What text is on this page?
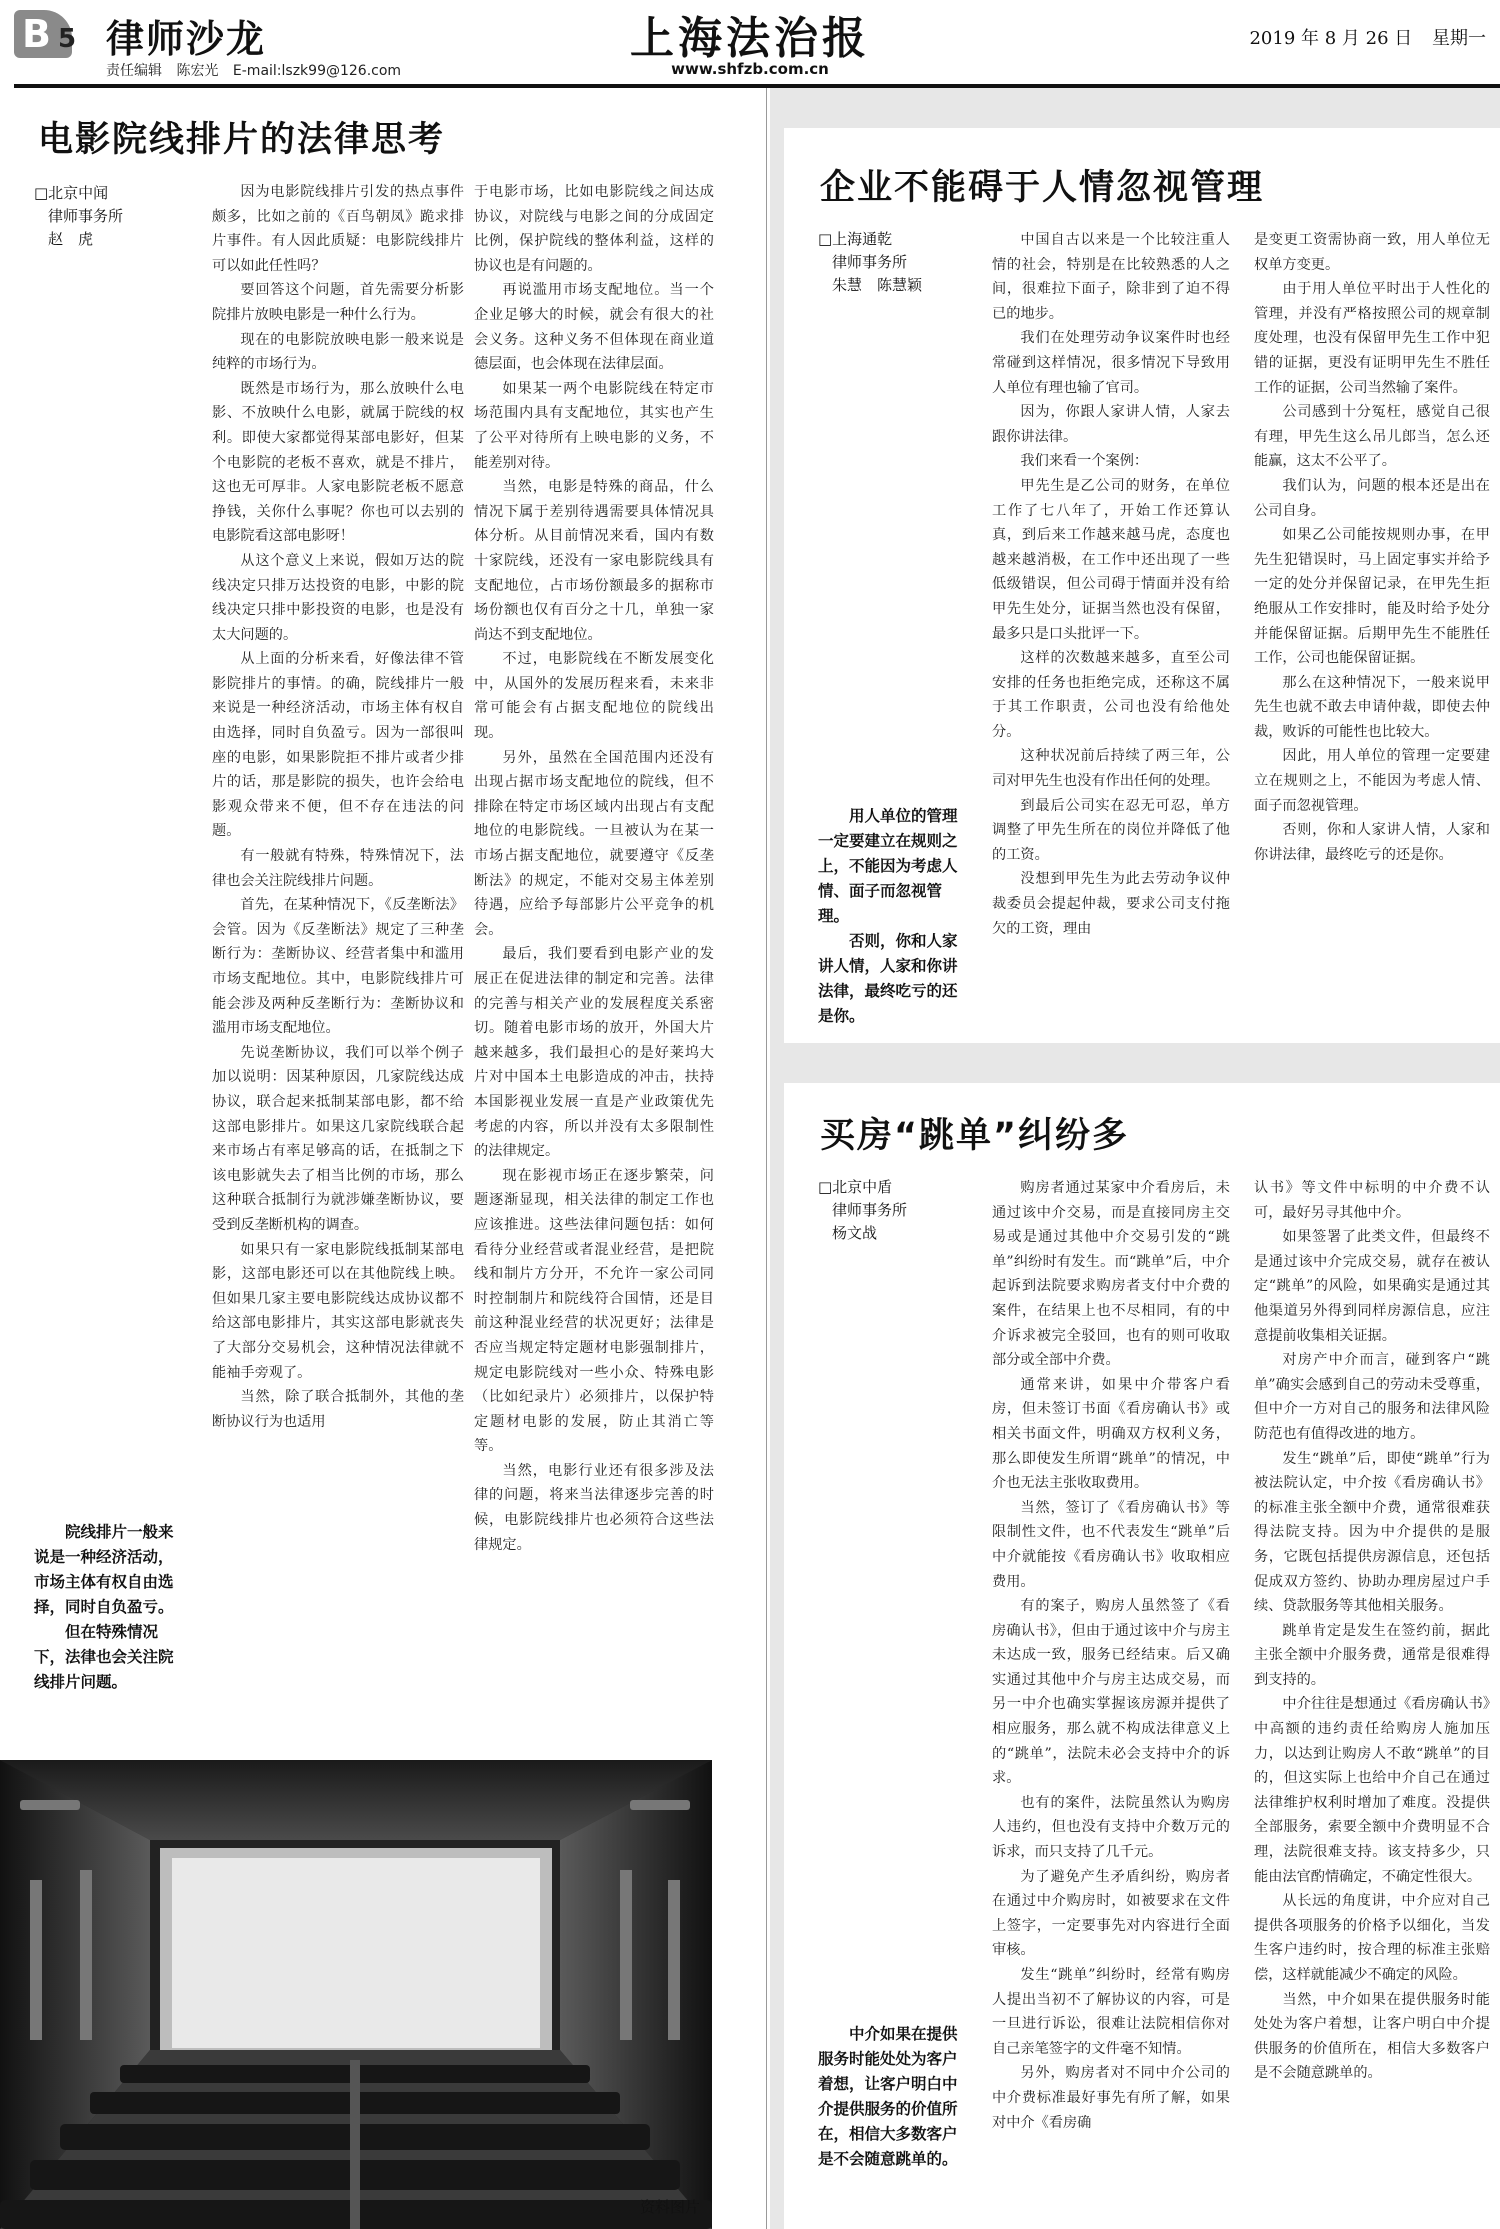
B 5 律师沙龙
责任编辑 陈宏光 E-mail:lszk99@126.com
上海法治报
www.shfzb.com.cn
2019 年 8 月 26 日 星期一
电影院线排片的法律思考
□北京中闻
律师事务所
赵　虎

因为电影院线排片引发的热点事件颇多，比如之前的《百鸟朝凤》跪求排片事件。有人因此质疑：电影院线排片可以如此任性吗？

要回答这个问题，首先需要分析影院排片放映电影是一种什么行为。

现在的电影院放映电影一般来说是纯粹的市场行为。

既然是市场行为，那么放映什么电影、不放映什么电影，就属于院线的权利。即使大家都觉得某部电影好，但某个电影院的老板不喜欢，就是不排片，这也无可厚非。人家电影院老板不愿意挣钱，关你什么事呢？你也可以去别的电影院看这部电影呀！

从这个意义上来说，假如万达的院线决定只排万达投资的电影，中影的院线决定只排中影投资的电影，也是没有太大问题的。

从上面的分析来看，好像法律不管影院排片的事情。的确，院线排片一般来说是一种经济活动，市场主体有权自由选择，同时自负盈亏。因为一部很叫座的电影，如果影院拒不排片或者少排片的话，那是影院的损失，也许会给电影观众带来不便，但不存在违法的问题。

有一般就有特殊，特殊情况下，法律也会关注院线排片问题。

首先，在某种情况下，《反垄断法》会管。因为《反垄断法》规定了三种垄断行为：垄断协议、经营者集中和滥用市场支配地位。其中，电影院线排片可能会涉及两种反垄断行为：垄断协议和滥用市场支配地位。

先说垄断协议，我们可以举个例子加以说明：因某种原因，几家院线达成协议，联合起来抵制某部电影，都不给这部电影排片。如果这几家院线联合起来市场占有率足够高的话，在抵制之下该电影就失去了相当比例的市场，那么这种联合抵制行为就涉嫌垄断协议，要受到反垄断机构的调查。

如果只有一家电影院线抵制某部电影，这部电影还可以在其他院线上映。但如果几家主要电影院线达成协议都不给这部电影排片，其实这部电影就丧失了大部分交易机会，这种情况法律就不能袖手旁观了。

当然，除了联合抵制外，其他的垄断协议行为也适用

于电影市场，比如电影院线之间达成协议，对院线与电影之间的分成固定比例，保护院线的整体利益，这样的协议也是有问题的。

再说滥用市场支配地位。当一个企业足够大的时候，就会有很大的社会义务。这种义务不但体现在商业道德层面，也会体现在法律层面。

如果某一两个电影院线在特定市场范围内具有支配地位，其实也产生了公平对待所有上映电影的义务，不能差别对待。

当然，电影是特殊的商品，什么情况下属于差别待遇需要具体情况具体分析。从目前情况来看，国内有数十家院线，还没有一家电影院线具有支配地位，占市场份额最多的据称市场份额也仅有百分之十几，单独一家尚达不到支配地位。

不过，电影院线在不断发展变化中，从国外的发展历程来看，未来非常可能会有占据支配地位的院线出现。

另外，虽然在全国范围内还没有出现占据市场支配地位的院线，但不排除在特定市场区域内出现占有支配地位的电影院线。一旦被认为在某一市场占据支配地位，就要遵守《反垄断法》的规定，不能对交易主体差别待遇，应给予每部影片公平竞争的机会。

最后，我们要看到电影产业的发展正在促进法律的制定和完善。法律的完善与相关产业的发展程度关系密切。随着电影市场的放开，外国大片越来越多，我们最担心的是好莱坞大片对中国本土电影造成的冲击，扶持本国影视业发展一直是产业政策优先考虑的内容，所以并没有太多限制性的法律规定。

现在影视市场正在逐步繁荣，问题逐渐显现，相关法律的制定工作也应该推进。这些法律问题包括：如何看待分业经营或者混业经营，是把院线和制片方分开，不允许一家公司同时控制制片和院线符合国情，还是目前这种混业经营的状况更好；法律是否应当规定特定题材电影强制排片，规定电影院线对一些小众、特殊电影（比如纪录片）必须排片，以保护特定题材电影的发展，防止其消亡等等。

当然，电影行业还有很多涉及法律的问题，将来当法律逐步完善的时候，电影院线排片也必须符合这些法律规定。

院线排片一般来说是一种经济活动，市场主体有权自由选择，同时自负盈亏。

但在特殊情况下，法律也会关注院线排片问题。

资料图片
企业不能碍于人情忽视管理
□上海通乾
律师事务所
朱慧　陈慧颖

中国自古以来是一个比较注重人情的社会，特别是在比较熟悉的人之间，很难拉下面子，除非到了迫不得已的地步。

我们在处理劳动争议案件时也经常碰到这样情况，很多情况下导致用人单位有理也输了官司。

因为，你跟人家讲人情，人家去跟你讲法律。

我们来看一个案例：

甲先生是乙公司的财务，在单位工作了七八年了，开始工作还算认真，到后来工作越来越马虎，态度也越来越消极，在工作中还出现了一些低级错误，但公司碍于情面并没有给甲先生处分，证据当然也没有保留，最多只是口头批评一下。

这样的次数越来越多，直至公司安排的任务也拒绝完成，还称这不属于其工作职责，公司也没有给他处分。

这种状况前后持续了两三年，公司对甲先生也没有作出任何的处理。

到最后公司实在忍无可忍，单方调整了甲先生所在的岗位并降低了他的工资。

没想到甲先生为此去劳动争议仲裁委员会提起仲裁，要求公司支付拖欠的工资，理由

是变更工资需协商一致，用人单位无权单方变更。

由于用人单位平时出于人性化的管理，并没有严格按照公司的规章制度处理，也没有保留甲先生工作中犯错的证据，更没有证明甲先生不胜任工作的证据，公司当然输了案件。

公司感到十分冤枉，感觉自己很有理，甲先生这么吊儿郎当，怎么还能赢，这太不公平了。

我们认为，问题的根本还是出在公司自身。

如果乙公司能按规则办事，在甲先生犯错误时，马上固定事实并给予一定的处分并保留记录，在甲先生拒绝服从工作安排时，能及时给予处分并能保留证据。后期甲先生不能胜任工作，公司也能保留证据。

那么在这种情况下，一般来说甲先生也就不敢去申请仲裁，即使去仲裁，败诉的可能性也比较大。

因此，用人单位的管理一定要建立在规则之上，不能因为考虑人情、面子而忽视管理。

否则，你和人家讲人情，人家和你讲法律，最终吃亏的还是你。

用人单位的管理一定要建立在规则之上，不能因为考虑人情、面子而忽视管理。

否则，你和人家讲人情，人家和你讲法律，最终吃亏的还是你。

买房“跳单”纠纷多
□北京中盾
律师事务所
杨文战

购房者通过某家中介看房后，未通过该中介交易，而是直接同房主交易或是通过其他中介交易引发的“跳单”纠纷时有发生。而“跳单”后，中介起诉到法院要求购房者支付中介费的案件，在结果上也不尽相同，有的中介诉求被完全驳回，也有的则可收取部分或全部中介费。

通常来讲，如果中介带客户看房，但未签订书面《看房确认书》或相关书面文件，明确双方权利义务，那么即使发生所谓“跳单”的情况，中介也无法主张收取费用。

当然，签订了《看房确认书》等限制性文件，也不代表发生“跳单”后中介就能按《看房确认书》收取相应费用。

有的案子，购房人虽然签了《看房确认书》，但由于通过该中介与房主未达成一致，服务已经结束。后又确实通过其他中介与房主达成交易，而另一中介也确实掌握该房源并提供了相应服务，那么就不构成法律意义上的“跳单”，法院未必会支持中介的诉求。

也有的案件，法院虽然认为购房人违约，但也没有支持中介数万元的诉求，而只支持了几千元。

为了避免产生矛盾纠纷，购房者在通过中介购房时，如被要求在文件上签字，一定要事先对内容进行全面审核。

发生“跳单”纠纷时，经常有购房人提出当初不了解协议的内容，可是一旦进行诉讼，很难让法院相信你对自己亲笔签字的文件毫不知情。

另外，购房者对不同中介公司的中介费标准最好事先有所了解，如果对中介《看房确

认书》等文件中标明的中介费不认可，最好另寻其他中介。

如果签署了此类文件，但最终不是通过该中介完成交易，就存在被认定“跳单”的风险，如果确实是通过其他渠道另外得到同样房源信息，应注意提前收集相关证据。

对房产中介而言，碰到客户“跳单”确实会感到自己的劳动未受尊重，但中介一方对自己的服务和法律风险防范也有值得改进的地方。

发生“跳单”后，即使“跳单”行为被法院认定，中介按《看房确认书》的标准主张全额中介费，通常很难获得法院支持。因为中介提供的是服务，它既包括提供房源信息，还包括促成双方签约、协助办理房屋过户手续、贷款服务等其他相关服务。

跳单肯定是发生在签约前，据此主张全额中介服务费，通常是很难得到支持的。

中介往往是想通过《看房确认书》中高额的违约责任给购房人施加压力，以达到让购房人不敢“跳单”的目的，但这实际上也给中介自己在通过法律维护权利时增加了难度。没提供全部服务，索要全额中介费明显不合理，法院很难支持。该支持多少，只能由法官酌情确定，不确定性很大。

从长远的角度讲，中介应对自己提供各项服务的价格予以细化，当发生客户违约时，按合理的标准主张赔偿，这样就能减少不确定的风险。

当然，中介如果在提供服务时能处处为客户着想，让客户明白中介提供服务的价值所在，相信大多数客户是不会随意跳单的。

中介如果在提供服务时能处处为客户着想，让客户明白中介提供服务的价值所在，相信大多数客户是不会随意跳单的。
